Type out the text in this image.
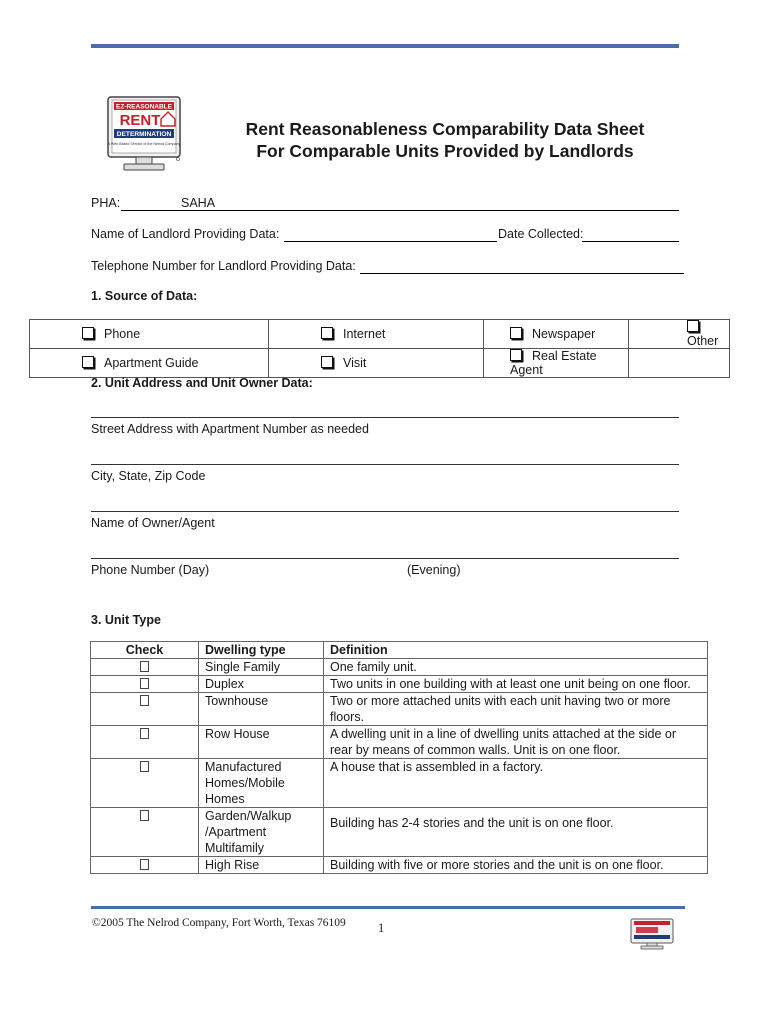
EZ-REASONABLE
RENT
DETERMINATION
A Web Based Service of the Nelrod Company
Rent Reasonableness Comparability Data Sheet
For Comparable Units Provided by Landlords
PHA:	SAHA
Name of Landlord Providing Data:	Date Collected:
Telephone Number for Landlord Providing Data:
1. Source of Data:
Phone	Internet	Newspaper	Other
Apartment Guide	Visit	Real Estate Agent	
2. Unit Address and Unit Owner Data:
Street Address with Apartment Number as needed
City, State, Zip Code
Name of Owner/Agent
Phone Number (Day)	(Evening)
3. Unit Type
Check	Dwelling type	Definition
	Single Family	One family unit.
	Duplex	Two units in one building with at least one unit being on one floor.
	Townhouse	Two or more attached units with each unit having two or more floors.
	Row House	A dwelling unit in a line of dwelling units attached at the side or rear by means of common walls. Unit is on one floor.
	Manufactured Homes/Mobile Homes	A house that is assembled in a factory.
	Garden/Walkup /Apartment Multifamily	Building has 2-4 stories and the unit is on one floor.
	High Rise	Building with five or more stories and the unit is on one floor.
©2005 The Nelrod Company, Fort Worth, Texas 76109	1
